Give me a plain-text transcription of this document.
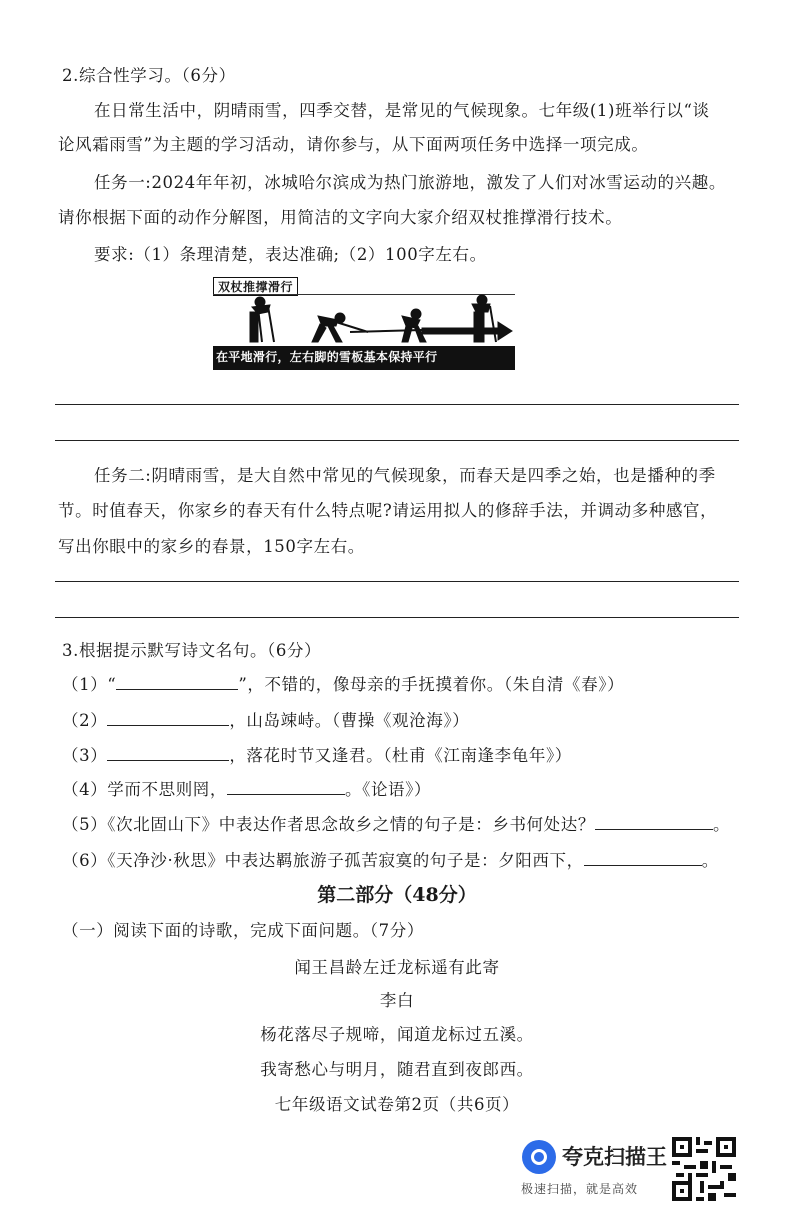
2.综合性学习。（6分）
在日常生活中，阴晴雨雪，四季交替，是常见的气候现象。七年级(1)班举行以“谈
论风霜雨雪”为主题的学习活动，请你参与，从下面两项任务中选择一项完成。
任务一:2024年年初，冰城哈尔滨成为热门旅游地，激发了人们对冰雪运动的兴趣。
请你根据下面的动作分解图，用简洁的文字向大家介绍双杖推撑滑行技术。
要求:（1）条理清楚，表达准确;（2）100字左右。
双杖推撑滑行
在平地滑行，左右脚的雪板基本保持平行
任务二:阴晴雨雪，是大自然中常见的气候现象，而春天是四季之始，也是播种的季
节。时值春天，你家乡的春天有什么特点呢?请运用拟人的修辞手法，并调动多种感官，
写出你眼中的家乡的春景，150字左右。
3.根据提示默写诗文名句。（6分）
（1）“	”，不错的，像母亲的手抚摸着你。（朱自清《春》）
（2）	，山岛竦峙。（曹操《观沧海》）
（3）	，落花时节又逢君。（杜甫《江南逢李龟年》）
（4）学而不思则罔，	。《论语》）
（5）《次北固山下》中表达作者思念故乡之情的句子是：乡书何处达？	。
（6）《天净沙·秋思》中表达羁旅游子孤苦寂寞的句子是：夕阳西下，	。
第二部分（48分）
（一）阅读下面的诗歌，完成下面问题。（7分）
闻王昌龄左迁龙标遥有此寄
李白
杨花落尽子规啼，闻道龙标过五溪。
我寄愁心与明月，随君直到夜郎西。
七年级语文试卷第2页（共6页）
夸克扫描王
极速扫描，就是高效
